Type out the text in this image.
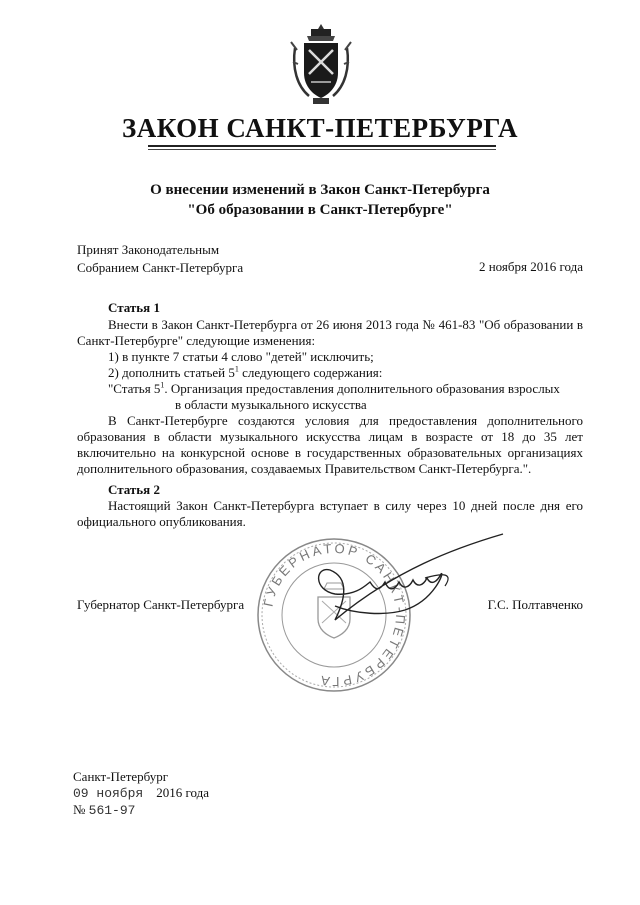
ЗАКОН САНКТ-ПЕТЕРБУРГА
О внесении изменений в Закон Санкт-Петербурга
"Об образовании в Санкт-Петербурге"
Принят Законодательным
Собранием Санкт-Петербурга	2 ноября 2016 года
Статья 1

Внести в Закон Санкт-Петербурга от 26 июня 2013 года № 461-83 "Об образовании в Санкт-Петербурге" следующие изменения:

1) в пункте 7 статьи 4 слово "детей" исключить;

2) дополнить статьей $5^1$ следующего содержания:

"Статья $5^1$. Организация предоставления дополнительного образования взрослых

в области музыкального искусства

В Санкт-Петербурге создаются условия для предоставления дополнительного образования в области музыкального искусства лицам в возрасте от 18 до 35 лет включительно на конкурсной основе в государственных образовательных организациях дополнительного образования, создаваемых Правительством Санкт-Петербурга.".

Статья 2

Настоящий Закон Санкт-Петербурга вступает в силу через 10 дней после дня его официального опубликования.

ГУБЕРНАТОР САНКТ-ПЕТЕРБУРГА
Губернатор Санкт-Петербурга	Г.С. Полтавченко
Санкт-Петербург
09 ноября 2016 года
№ 561-97
